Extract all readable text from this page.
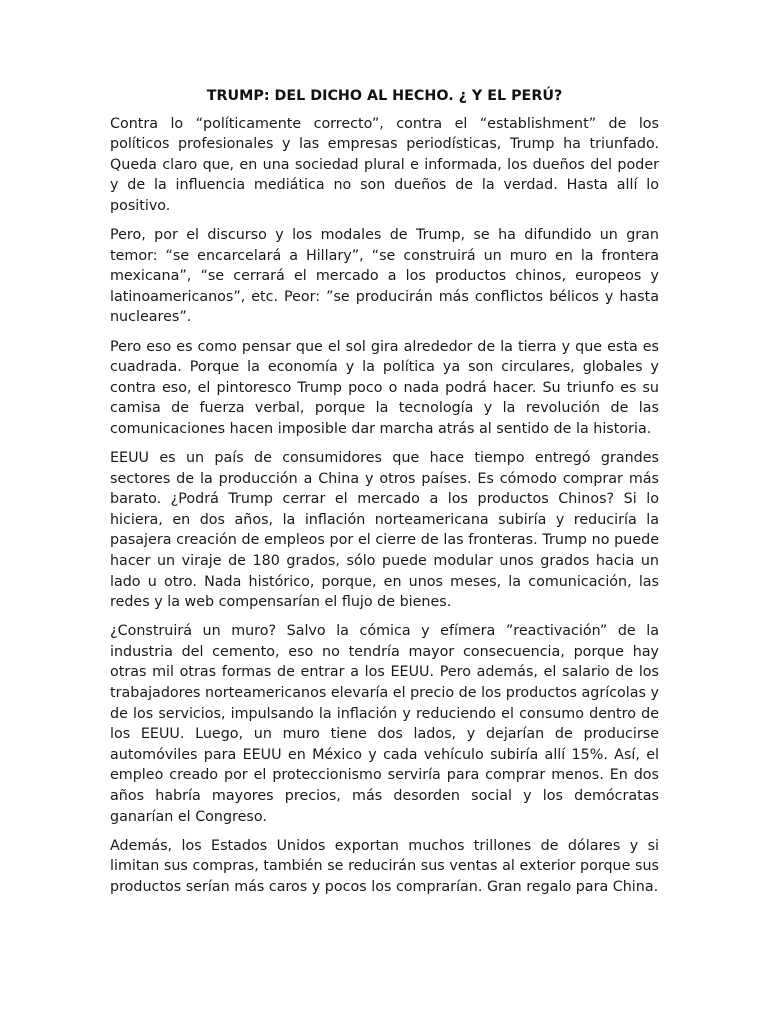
TRUMP: DEL DICHO AL HECHO. ¿ Y EL PERÚ?

Contra lo “políticamente correcto”, contra el “establishment” de los políticos profesionales y las empresas periodísticas, Trump ha triunfado. Queda claro que, en una sociedad plural e informada, los dueños del poder y de la influencia mediática no son dueños de la verdad. Hasta allí lo positivo.

Pero, por el discurso y los modales de Trump, se ha difundido un gran temor: “se encarcelará a Hillary”, “se construirá un muro en la frontera mexicana”, “se cerrará el mercado a los productos chinos, europeos y latinoamericanos”, etc. Peor: ”se producirán más conflictos bélicos y hasta nucleares”.

Pero eso es como pensar que el sol gira alrededor de la tierra y que esta es cuadrada. Porque la economía y la política ya son circulares, globales y contra eso, el pintoresco Trump poco o nada podrá hacer. Su triunfo es su camisa de fuerza verbal, porque la tecnología y la revolución de las comunicaciones hacen imposible dar marcha atrás al sentido de la historia.

EEUU es un país de consumidores que hace tiempo entregó grandes sectores de la producción a China y otros países. Es cómodo comprar más barato. ¿Podrá Trump cerrar el mercado a los productos Chinos? Si lo hiciera, en dos años, la inflación norteamericana subiría y reduciría la pasajera creación de empleos por el cierre de las fronteras. Trump no puede hacer un viraje de 180 grados, sólo puede modular unos grados hacia un lado u otro. Nada histórico, porque, en unos meses, la comunicación, las redes y la web compensarían el flujo de bienes.

¿Construirá un muro? Salvo la cómica y efímera ”reactivación” de la industria del cemento, eso no tendría mayor consecuencia, porque hay otras mil otras formas de entrar a los EEUU. Pero además, el salario de los trabajadores norteamericanos elevaría el precio de los productos agrícolas y de los servicios, impulsando la inflación y reduciendo el consumo dentro de los EEUU. Luego, un muro tiene dos lados, y dejarían de producirse automóviles para EEUU en México y cada vehículo subiría allí 15%. Así, el empleo creado por el proteccionismo serviría para comprar menos. En dos años habría mayores precios, más desorden social y los demócratas ganarían el Congreso.

Además, los Estados Unidos exportan muchos trillones de dólares y si limitan sus compras, también se reducirán sus ventas al exterior porque sus productos serían más caros y pocos los comprarían. Gran regalo para China.
